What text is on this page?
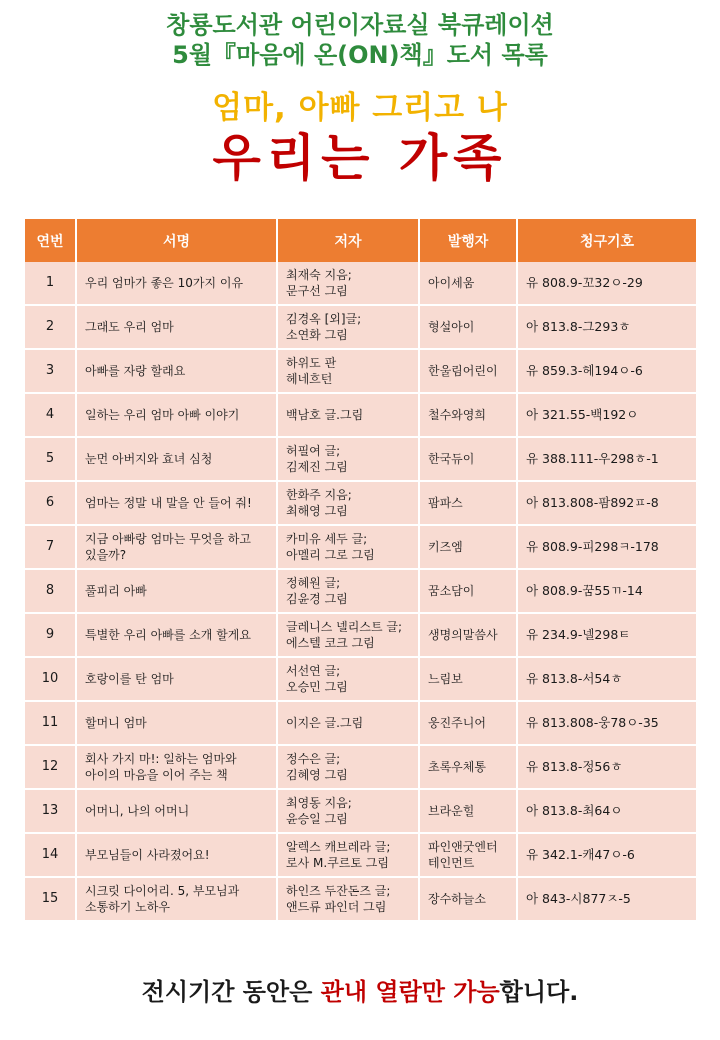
창룡도서관 어린이자료실 북큐레이션
5월『마음에 온(ON)책』도서 목록
엄마, 아빠 그리고 나
우리는 가족
연번	서명	저자	발행자	청구기호
1	우리 엄마가 좋은 10가지 이유	최재숙 지음;
문구선 그림	아이세움	유 808.9-꼬32ㅇ-29
2	그래도 우리 엄마	김경옥 [외]글;
소연화 그림	형설아이	아 813.8-그293ㅎ
3	아빠를 자랑 할래요	하위도 판
헤네흐턴	한울림어린이	유 859.3-헤194ㅇ-6
4	일하는 우리 엄마 아빠 이야기	백남호 글.그림	철수와영희	아 321.55-백192ㅇ
5	눈먼 아버지와 효녀 심청	허필여 글;
김제진 그림	한국듀이	유 388.111-우298ㅎ-1
6	엄마는 정말 내 말을 안 들어 줘!	한화주 지음;
최해영 그림	팜파스	아 813.808-팜892ㅍ-8
7	지금 아빠랑 엄마는 무엇을 하고
있을까?	카미유 세두 글;
아멜리 그로 그림	키즈엠	유 808.9-피298ㅋ-178
8	풀피리 아빠	정혜원 글;
김윤경 그림	꿈소담이	아 808.9-꿈55ㄲ-14
9	특별한 우리 아빠를 소개 할게요	글레니스 넬리스트 글;
에스텔 코크 그림	생명의말씀사	유 234.9-넬298ㅌ
10	호랑이를 탄 엄마	서선연 글;
오승민 그림	느림보	유 813.8-서54ㅎ
11	할머니 엄마	이지은 글.그림	웅진주니어	유 813.808-웅78ㅇ-35
12	회사 가지 마!: 일하는 엄마와
아이의 마음을 이어 주는 책	정수은 글;
김혜영 그림	초록우체통	유 813.8-정56ㅎ
13	어머니, 나의 어머니	최영동 지음;
윤승일 그림	브라운힐	아 813.8-최64ㅇ
14	부모님들이 사라졌어요!	알렉스 캐브레라 글;
로사 M.쿠르토 그림	파인앤굿엔터
테인먼트	유 342.1-캐47ㅇ-6
15	시크릿 다이어리. 5, 부모님과
소통하기 노하우	하인즈 두잔돈즈 글;
앤드류 파인더 그림	장수하늘소	아 843-시877ㅈ-5
전시기간 동안은 관내 열람만 가능합니다.
